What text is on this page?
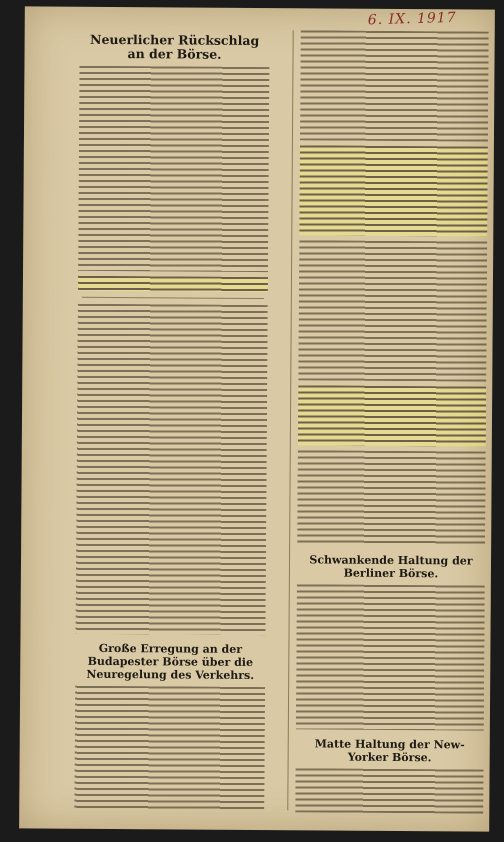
6. IX. 1917
Neuerlicher Rückschlag an der Börse.
Große Erregung an der Budapester Börse über die Neuregelung des Verkehrs.
Schwankende Haltung der Berliner Börse.
Matte Haltung der New-Yorker Börse.
